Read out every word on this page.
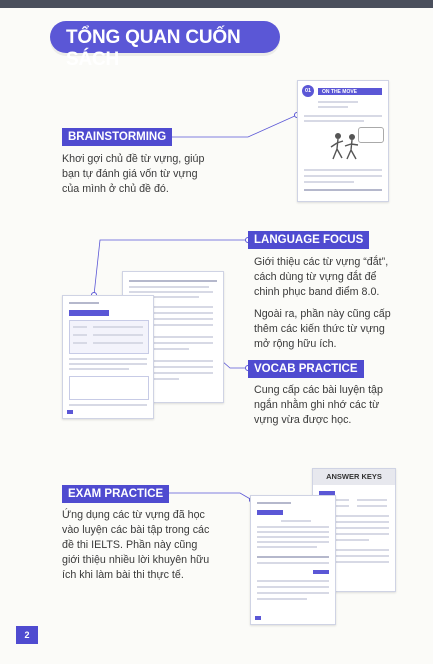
TỔNG QUAN CUỐN SÁCH
BRAINSTORMING

Khơi gợi chủ đề từ vựng, giúp bạn tự đánh giá vốn từ vựng của mình ở chủ đề đó.

01	ON THE MOVE
LANGUAGE FOCUS

Giới thiệu các từ vựng “đắt”, cách dùng từ vựng đắt để chinh phục band điểm 8.0.

Ngoài ra, phần này cũng cấp thêm các kiến thức từ vựng mở rộng hữu ích.

VOCAB PRACTICE

Cung cấp các bài luyện tập ngắn nhằm ghi nhớ các từ vựng vừa được học.

EXAM PRACTICE

Ứng dụng các từ vựng đã học vào luyện các bài tập trong các đề thi IELTS. Phần này cũng giới thiệu nhiều lời khuyên hữu ích khi làm bài thi thực tế.

ANSWER KEYS
2
